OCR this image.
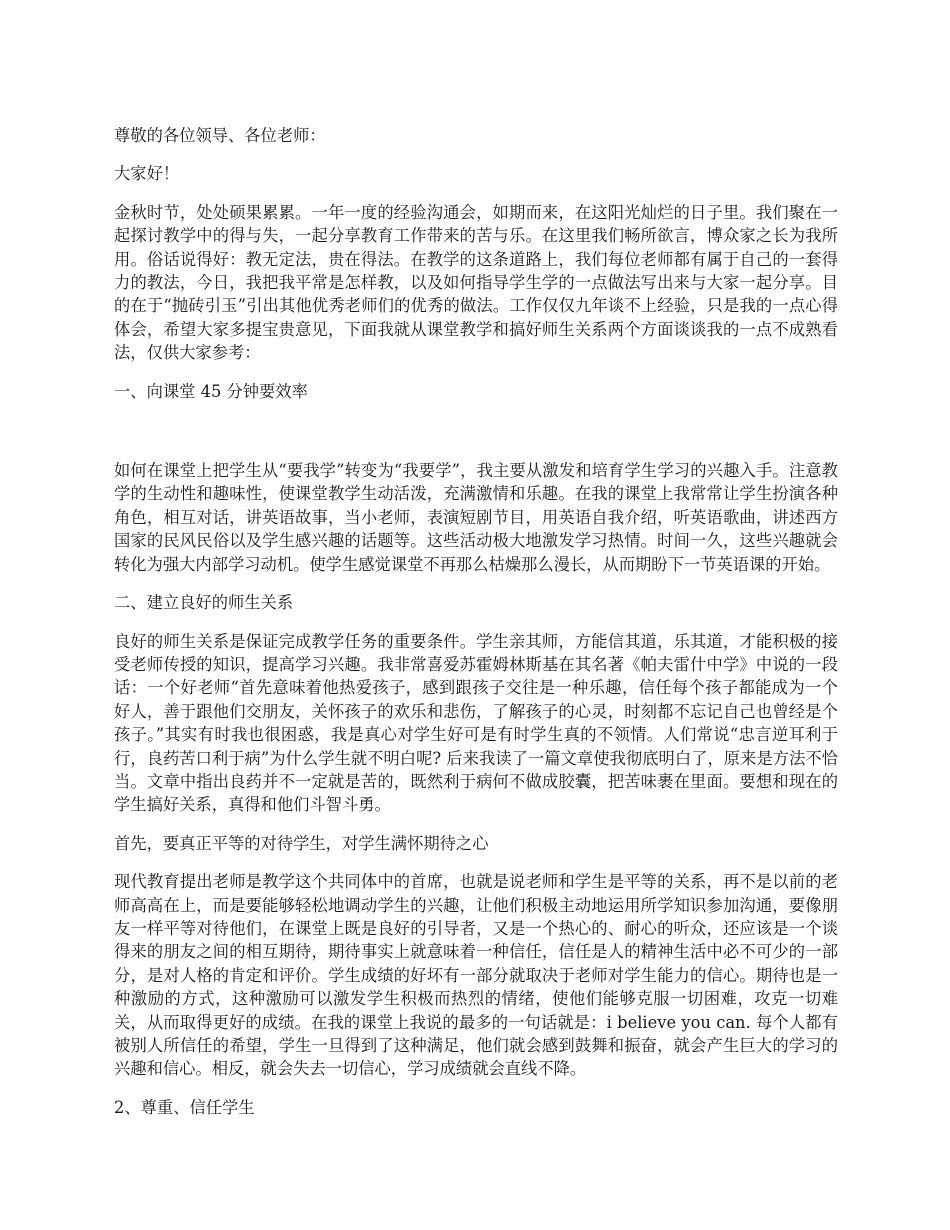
尊敬的各位领导、各位老师：

大家好！

金秋时节，处处硕果累累。一年一度的经验沟通会，如期而来，在这阳光灿烂的日子里。我们聚在一起探讨教学中的得与失，一起分享教育工作带来的苦与乐。在这里我们畅所欲言，博众家之长为我所用。俗话说得好：教无定法，贵在得法。在教学的这条道路上，我们每位老师都有属于自己的一套得力的教法，今日，我把我平常是怎样教，以及如何指导学生学的一点做法写出来与大家一起分享。目的在于“抛砖引玉”引出其他优秀老师们的优秀的做法。工作仅仅九年谈不上经验，只是我的一点心得体会，希望大家多提宝贵意见，下面我就从课堂教学和搞好师生关系两个方面谈谈我的一点不成熟看法，仅供大家参考：

一、向课堂 45 分钟要效率

如何在课堂上把学生从“要我学”转变为“我要学”，我主要从激发和培育学生学习的兴趣入手。注意教学的生动性和趣味性，使课堂教学生动活泼，充满激情和乐趣。在我的课堂上我常常让学生扮演各种角色，相互对话，讲英语故事，当小老师，表演短剧节目，用英语自我介绍，听英语歌曲，讲述西方国家的民风民俗以及学生感兴趣的话题等。这些活动极大地激发学习热情。时间一久，这些兴趣就会转化为强大内部学习动机。使学生感觉课堂不再那么枯燥那么漫长，从而期盼下一节英语课的开始。

二、建立良好的师生关系

良好的师生关系是保证完成教学任务的重要条件。学生亲其师，方能信其道，乐其道，才能积极的接受老师传授的知识，提高学习兴趣。我非常喜爱苏霍姆林斯基在其名著《帕夫雷什中学》中说的一段话：一个好老师“首先意味着他热爱孩子，感到跟孩子交往是一种乐趣，信任每个孩子都能成为一个好人，善于跟他们交朋友，关怀孩子的欢乐和悲伤，了解孩子的心灵，时刻都不忘记自己也曾经是个孩子。”其实有时我也很困惑，我是真心对学生好可是有时学生真的不领情。人们常说“忠言逆耳利于行，良药苦口利于病”为什么学生就不明白呢? 后来我读了一篇文章使我彻底明白了，原来是方法不恰当。文章中指出良药并不一定就是苦的，既然利于病何不做成胶囊，把苦味裹在里面。要想和现在的学生搞好关系，真得和他们斗智斗勇。

首先，要真正平等的对待学生，对学生满怀期待之心

现代教育提出老师是教学这个共同体中的首席，也就是说老师和学生是平等的关系，再不是以前的老师高高在上，而是要能够轻松地调动学生的兴趣，让他们积极主动地运用所学知识参加沟通，要像朋友一样平等对待他们，在课堂上既是良好的引导者，又是一个热心的、耐心的听众，还应该是一个谈得来的朋友之间的相互期待，期待事实上就意味着一种信任，信任是人的精神生活中必不可少的一部分，是对人格的肯定和评价。学生成绩的好坏有一部分就取决于老师对学生能力的信心。期待也是一种激励的方式，这种激励可以激发学生积极而热烈的情绪，使他们能够克服一切困难，攻克一切难关，从而取得更好的成绩。在我的课堂上我说的最多的一句话就是：i believe you can. 每个人都有被别人所信任的希望，学生一旦得到了这种满足，他们就会感到鼓舞和振奋，就会产生巨大的学习的兴趣和信心。相反，就会失去一切信心，学习成绩就会直线不降。

2、尊重、信任学生
